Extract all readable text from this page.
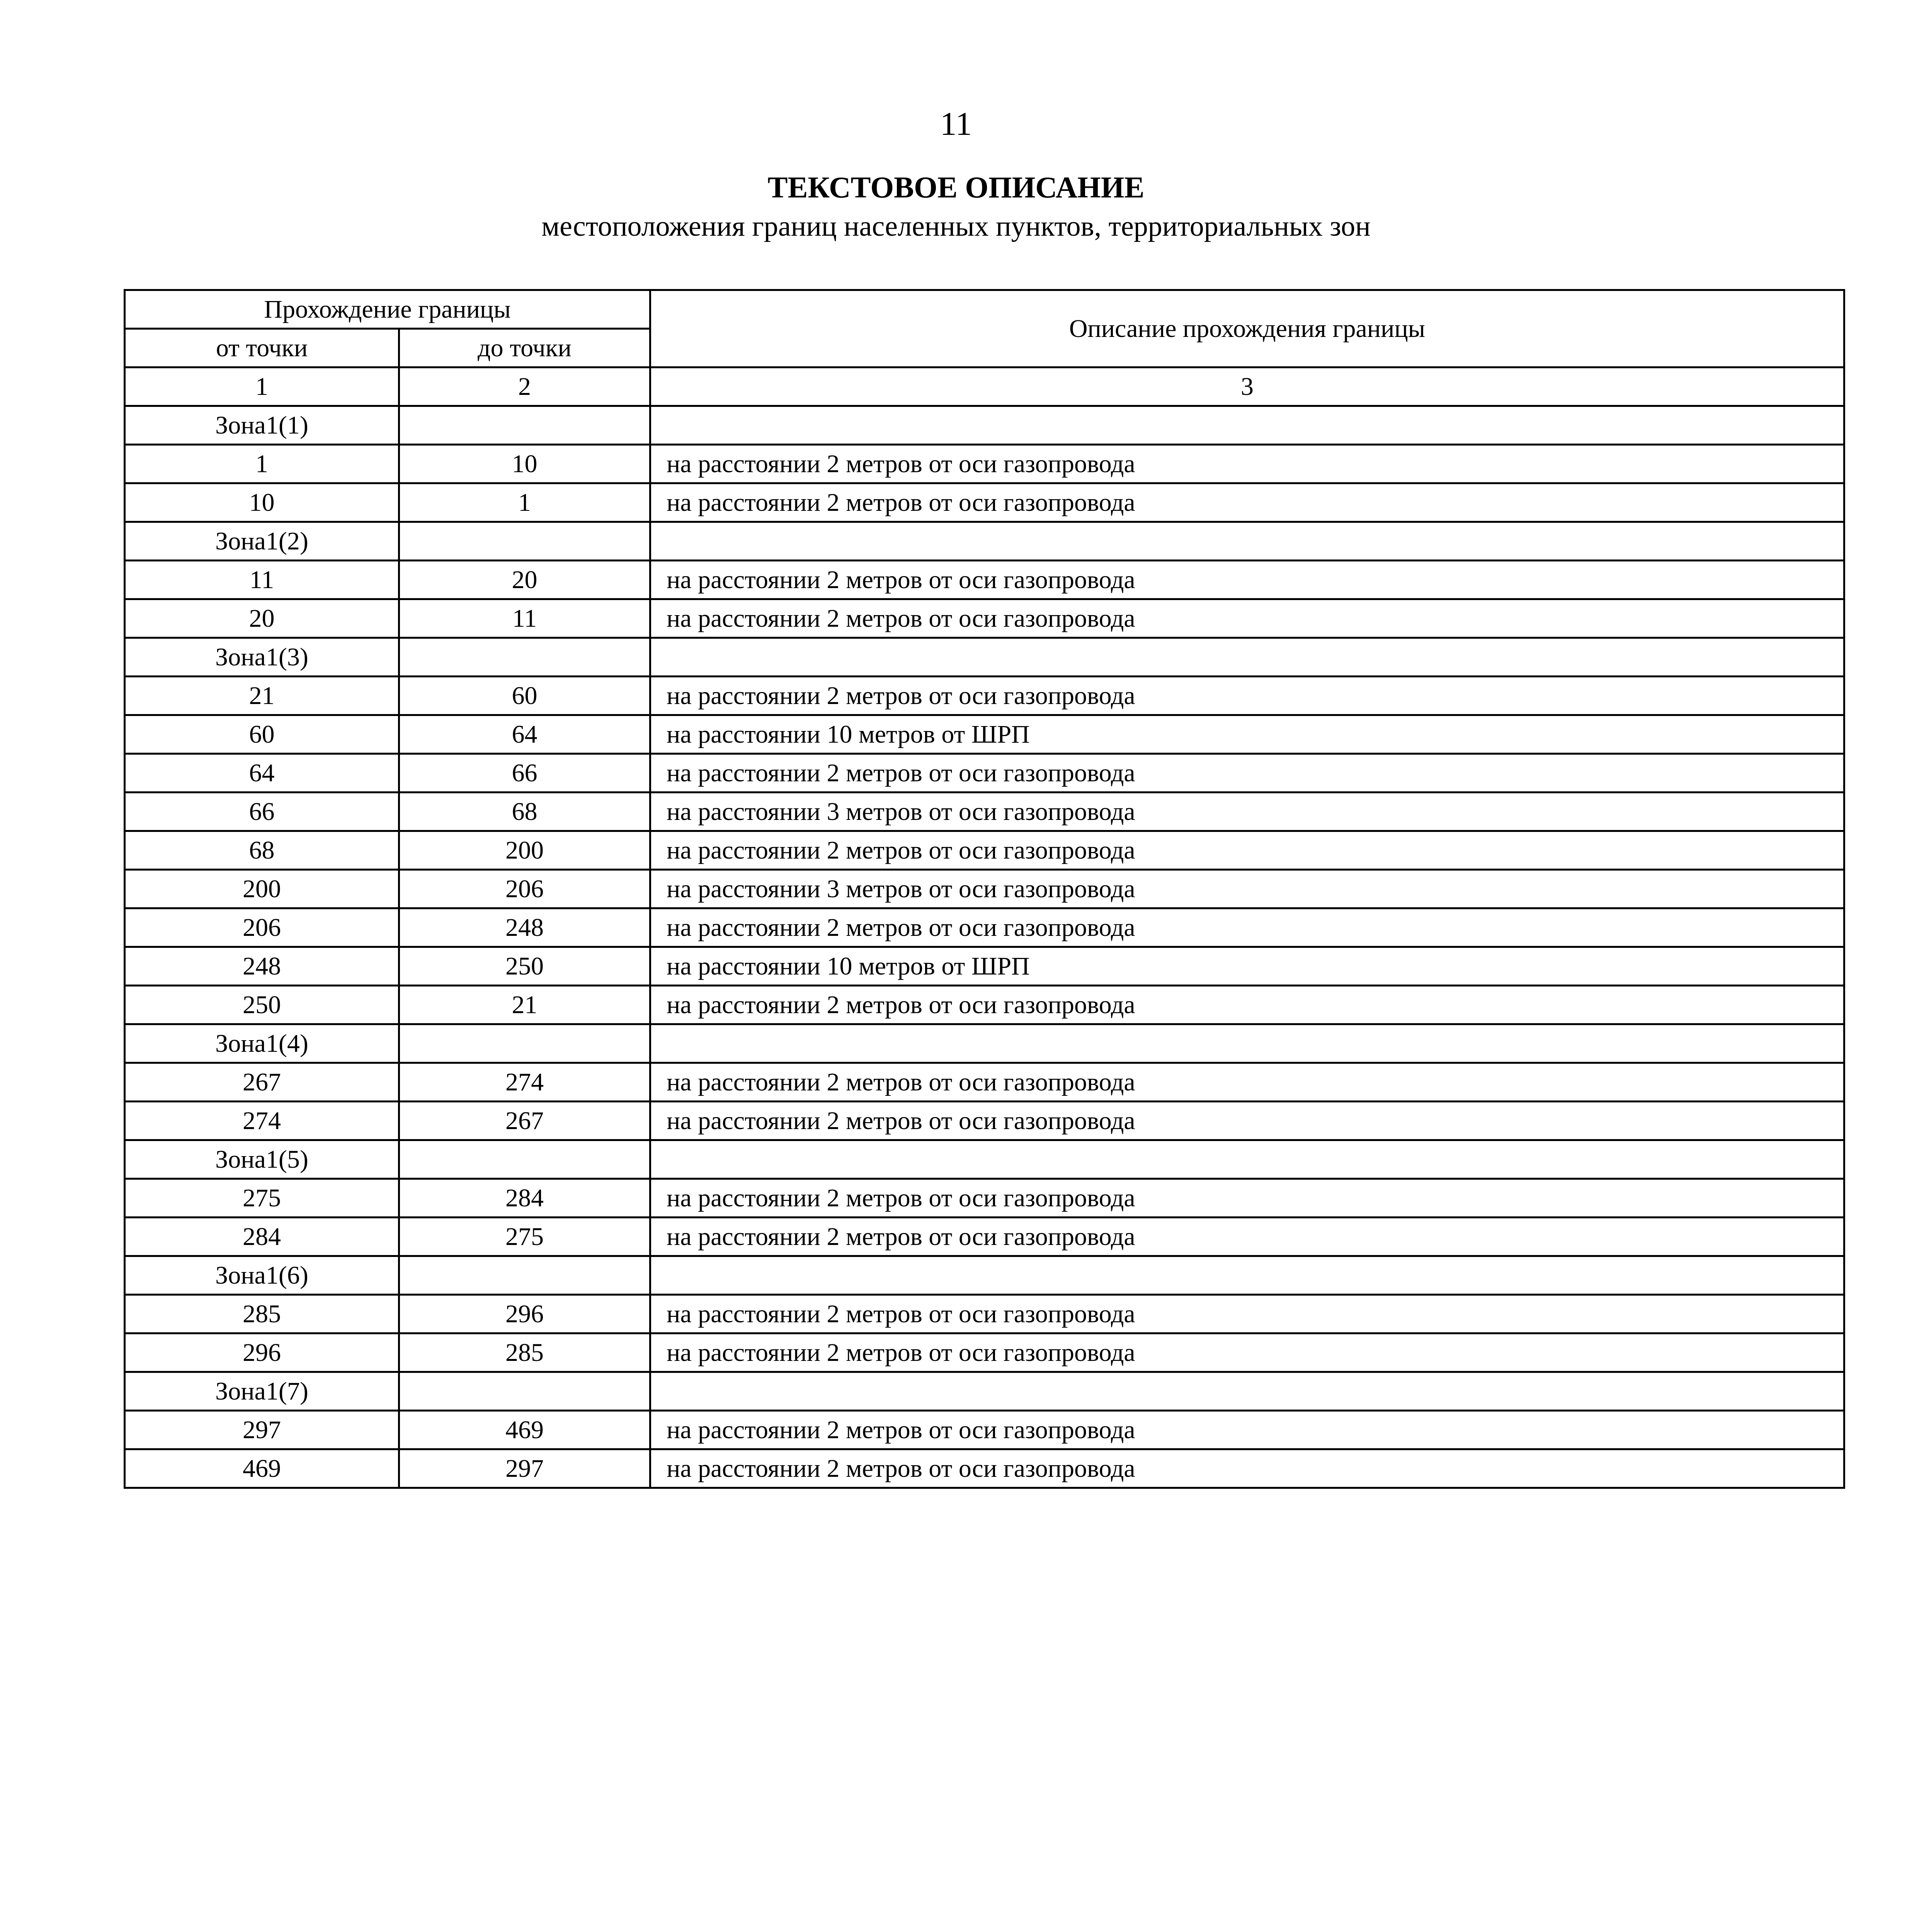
11
ТЕКСТОВОЕ ОПИСАНИЕ
местоположения границ населенных пунктов, территориальных зон
Прохождение границы		Описание прохождения границы
от точки	до точки	
1	2	3
Зона1(1)		
1	10	на расстоянии 2 метров от оси газопровода
10	1	на расстоянии 2 метров от оси газопровода
Зона1(2)		
11	20	на расстоянии 2 метров от оси газопровода
20	11	на расстоянии 2 метров от оси газопровода
Зона1(3)		
21	60	на расстоянии 2 метров от оси газопровода
60	64	на расстоянии 10 метров от ШРП
64	66	на расстоянии 2 метров от оси газопровода
66	68	на расстоянии 3 метров от оси газопровода
68	200	на расстоянии 2 метров от оси газопровода
200	206	на расстоянии 3 метров от оси газопровода
206	248	на расстоянии 2 метров от оси газопровода
248	250	на расстоянии 10 метров от ШРП
250	21	на расстоянии 2 метров от оси газопровода
Зона1(4)		
267	274	на расстоянии 2 метров от оси газопровода
274	267	на расстоянии 2 метров от оси газопровода
Зона1(5)		
275	284	на расстоянии 2 метров от оси газопровода
284	275	на расстоянии 2 метров от оси газопровода
Зона1(6)		
285	296	на расстоянии 2 метров от оси газопровода
296	285	на расстоянии 2 метров от оси газопровода
Зона1(7)		
297	469	на расстоянии 2 метров от оси газопровода
469	297	на расстоянии 2 метров от оси газопровода
